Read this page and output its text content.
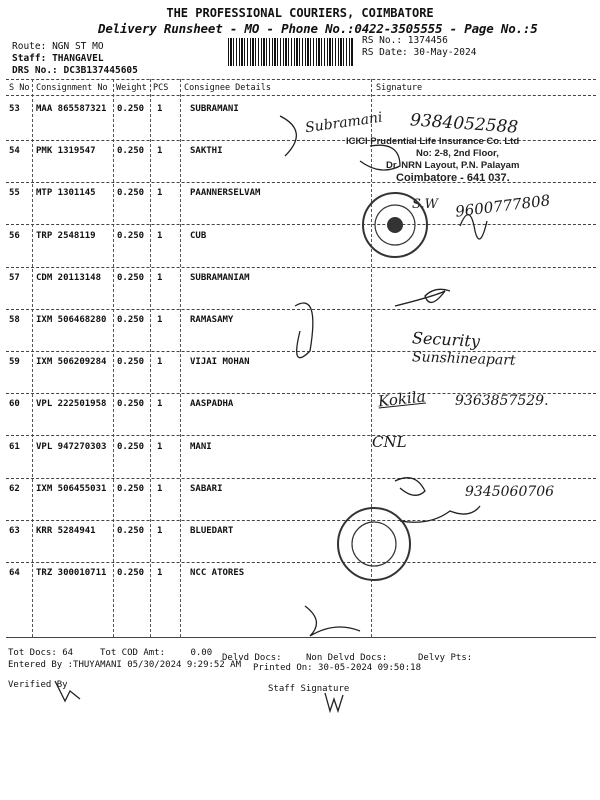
THE PROFESSIONAL COURIERS, COIMBATORE
Delivery Runsheet - MO - Phone No.:0422-3505555 - Page No.:5
Route: NGN ST MO
Staff: THANGAVEL
DRS No.: DC3B137445605
RS No.: 1374456
RS Date: 30-May-2024
S No Consignment No Weight PCS Consignee Details	Signature
53 MAA 865587321 0.250 1	SUBRAMANI
54 PMK 1319547 0.250 1	SAKTHI
55 MTP 1301145 0.250 1	PAANNERSELVAM
56 TRP 2548119 0.250 1	CUB
57 CDM 20113148 0.250 1	SUBRAMANIAM
58 IXM 506468280 0.250 1	RAMASAMY
59 IXM 506209284 0.250 1	VIJAI MOHAN
60 VPL 222501958 0.250 1	AASPADHA
61 VPL 947270303 0.250 1	MANI
62 IXM 506455031 0.250 1	SABARI
63 KRR 5284941 0.250 1	BLUEDART
64 TRZ 300010711 0.250 1	NCC ATORES
Subramani 9384052588
S.W 9600777808
Security
Sunshineapart
Kokila 9363857529.
CNL
9345060706
ICICI Prudential Life Insurance Co. Ltd
No: 2-8, 2nd Floor,
Dr. NRN Layout, P.N. Palayam
Coimbatore - 641 037.
Tot Docs: 64	Tot COD Amt:	0.00 Delvd Docs:	Non Delvd Docs:	Delvy Pts:
Entered By :THUYAMANI 05/30/2024 9:29:52 AM Printed On: 30-05-2024 09:50:18
Verified By	Staff Signature
